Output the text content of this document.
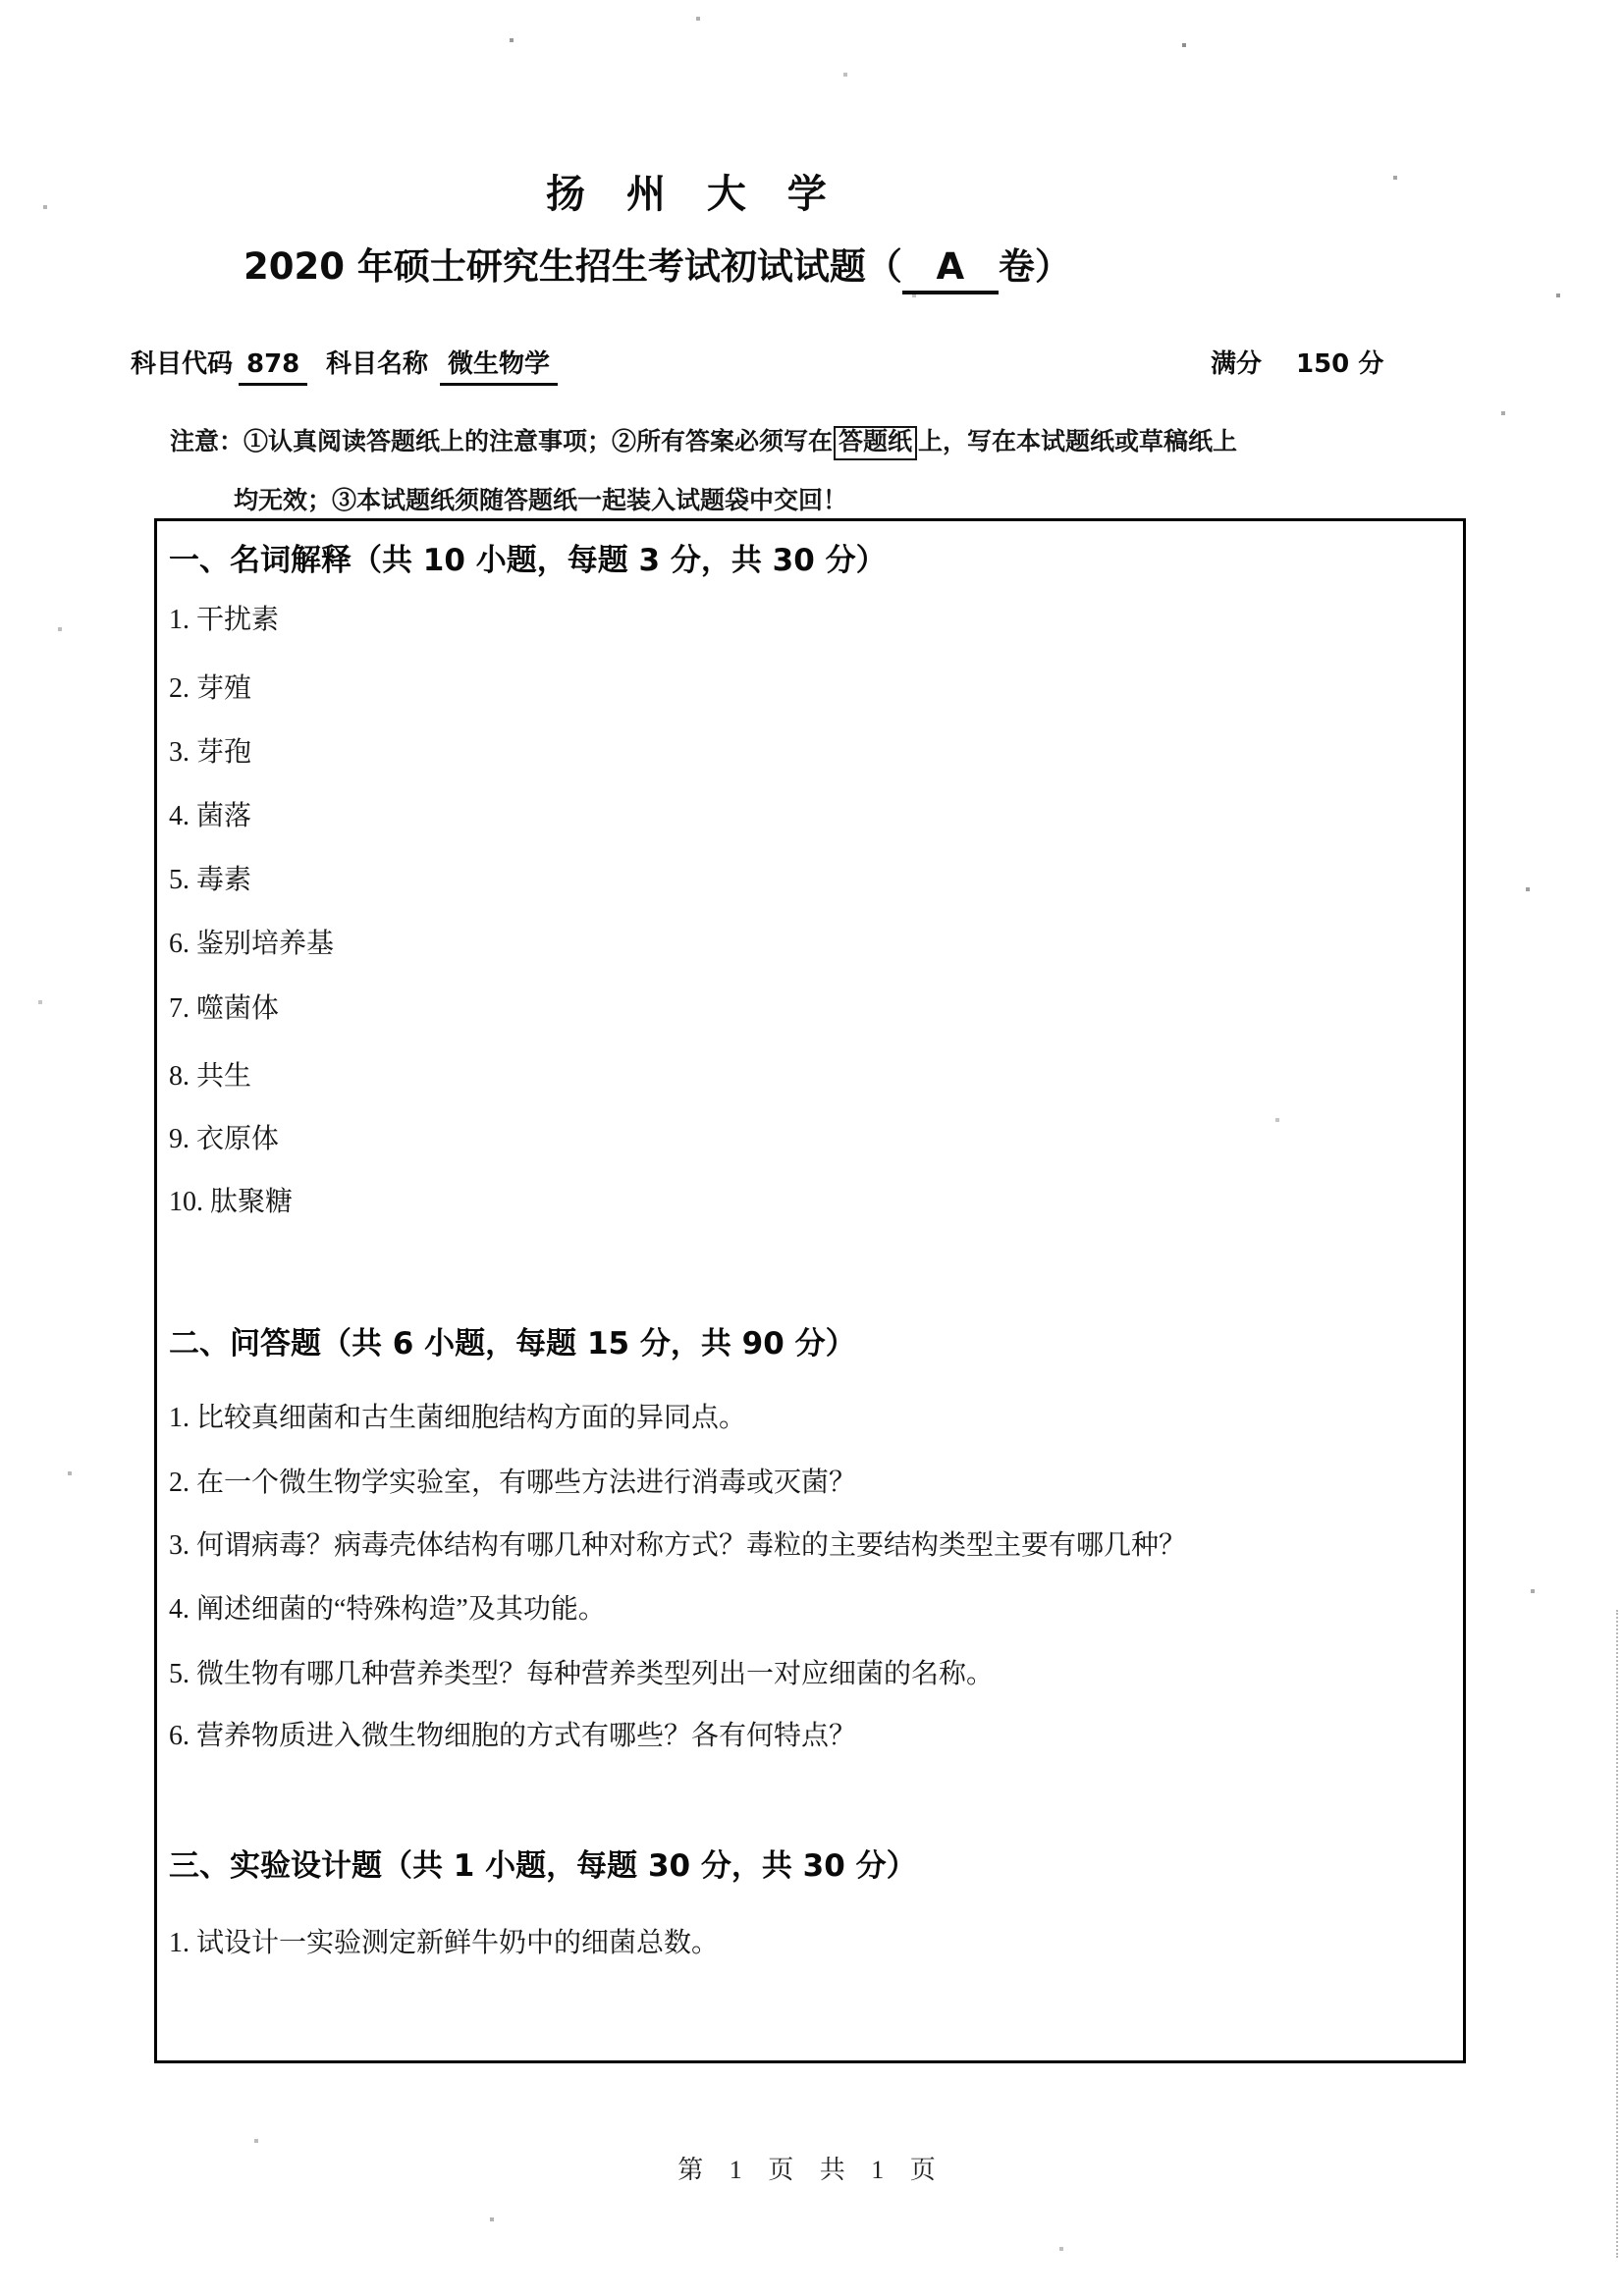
扬 州 大 学
2020 年硕士研究生招生考试初试试题（ A 卷）
科目代码 878	科目名称 微生物学	满分 150 分
注意：①认真阅读答题纸上的注意事项；②所有答案必须写在 答题纸 上，写在本试题纸或草稿纸上
均无效；③本试题纸须随答题纸一起装入试题袋中交回！
一、名词解释（共 10 小题，每题 3 分，共 30 分）
1. 干扰素
2. 芽殖
3. 芽孢
4. 菌落
5. 毒素
6. 鉴别培养基
7. 噬菌体
8. 共生
9. 衣原体
10. 肽聚糖
二、问答题（共 6 小题，每题 15 分，共 90 分）
1. 比较真细菌和古生菌细胞结构方面的异同点。
2. 在一个微生物学实验室，有哪些方法进行消毒或灭菌？
3. 何谓病毒？病毒壳体结构有哪几种对称方式？毒粒的主要结构类型主要有哪几种？
4. 阐述细菌的“特殊构造”及其功能。
5. 微生物有哪几种营养类型？每种营养类型列出一对应细菌的名称。
6. 营养物质进入微生物细胞的方式有哪些？各有何特点？
三、实验设计题（共 1 小题，每题 30 分，共 30 分）
1. 试设计一实验测定新鲜牛奶中的细菌总数。
第 1 页 共 1 页
